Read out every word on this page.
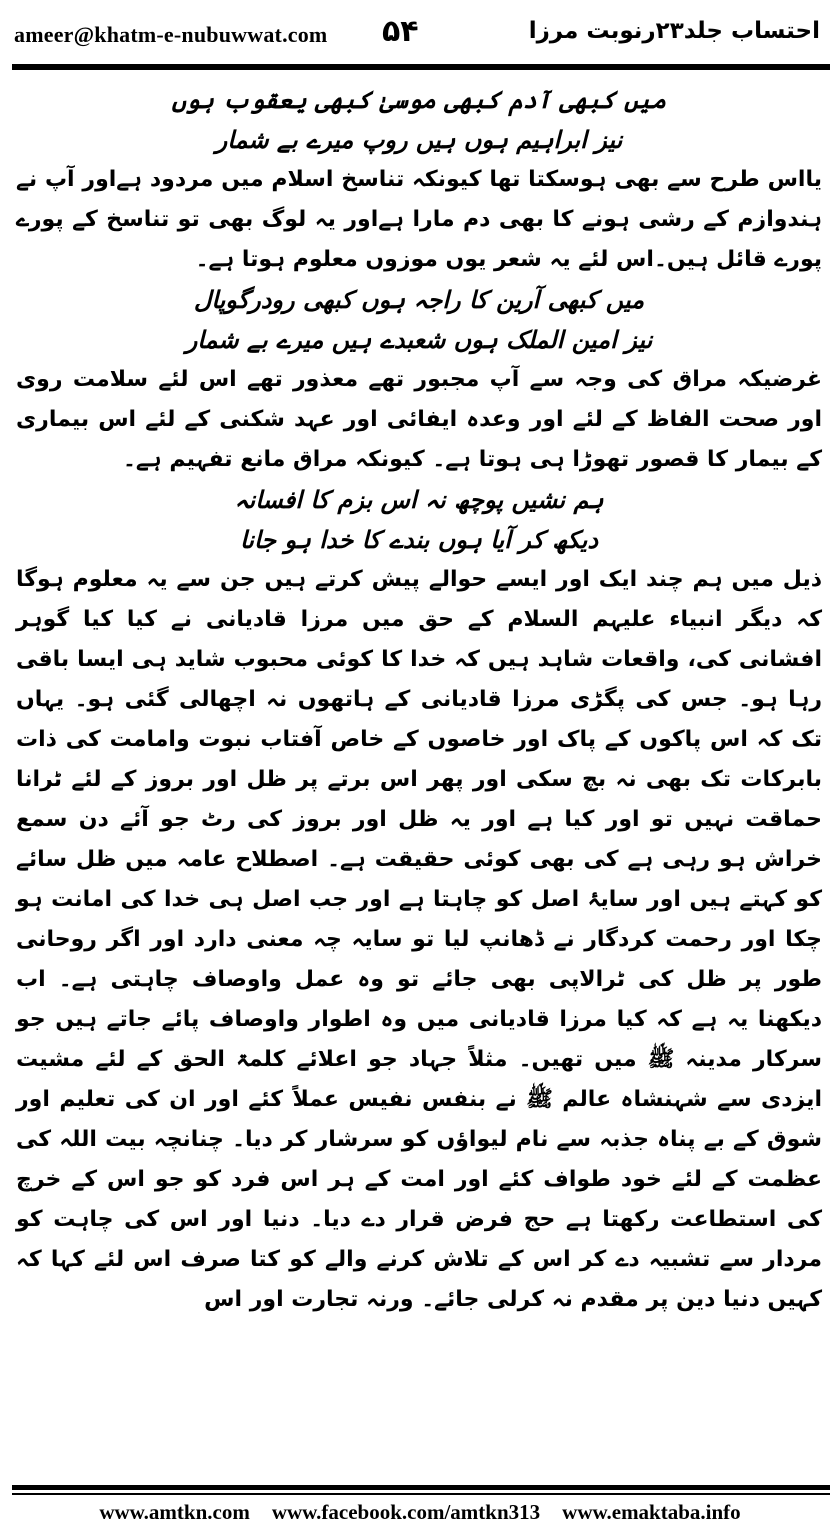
ameer@khatm-e-nubuwwat.com ۵۴	احتساب جلد۲۳رنوبت مرزا
میں کبھی آدم کبھی موسیٰ کبھی یعقوب ہوں
نیز ابراہیم ہوں ہیں روپ میرے بے شمار

یااس طرح سے بھی ہوسکتا تھا کیونکہ تناسخ اسلام میں مردود ہےاور آپ نے ہندوازم کے رشی ہونے کا بھی دم مارا ہےاور یہ لوگ بھی تو تناسخ کے پورے پورے قائل ہیں۔اس لئے یہ شعر یوں موزوں معلوم ہوتا ہے۔

میں کبھی آرین کا راجہ ہوں کبھی رودرگوپال
نیز امین الملک ہوں شعبدے ہیں میرے بے شمار

غرضیکہ مراق کی وجہ سے آپ مجبور تھے معذور تھے اس لئے سلامت روی اور صحت الفاظ کے لئے اور وعدہ ایفائی اور عہد شکنی کے لئے اس بیماری کے بیمار کا قصور تھوڑا ہی ہوتا ہے۔ کیونکہ مراق مانع تفہیم ہے۔

ہم نشیں پوچھ نہ اس بزم کا افسانہ
دیکھ کر آیا ہوں بندے کا خدا ہو جانا

ذیل میں ہم چند ایک اور ایسے حوالے پیش کرتے ہیں جن سے یہ معلوم ہوگا کہ دیگر انبیاء علیہم السلام کے حق میں مرزا قادیانی نے کیا کیا گوہر افشانی کی، واقعات شاہد ہیں کہ خدا کا کوئی محبوب شاید ہی ایسا باقی رہا ہو۔ جس کی پگڑی مرزا قادیانی کے ہاتھوں نہ اچھالی گئی ہو۔ یہاں تک کہ اس پاکوں کے پاک اور خاصوں کے خاص آفتاب نبوت وامامت کی ذات بابرکات تک بھی نہ بچ سکی اور پھر اس برتے پر ظل اور بروز کے لئے ٹرانا حماقت نہیں تو اور کیا ہے اور یہ ظل اور بروز کی رٹ جو آئے دن سمع خراش ہو رہی ہے کی بھی کوئی حقیقت ہے۔ اصطلاح عامہ میں ظل سائے کو کہتے ہیں اور سایۂ اصل کو چاہتا ہے اور جب اصل ہی خدا کی امانت ہو چکا اور رحمت کردگار نے ڈھانپ لیا تو سایہ چہ معنی دارد اور اگر روحانی طور پر ظل کی ٹرالاپی بھی جائے تو وہ عمل واوصاف چاہتی ہے۔ اب دیکھنا یہ ہے کہ کیا مرزا قادیانی میں وہ اطوار واوصاف پائے جاتے ہیں جو سرکار مدینہ ﷺ میں تھیں۔ مثلاً جہاد جو اعلائے کلمۃ الحق کے لئے مشیت ایزدی سے شہنشاہ عالم ﷺ نے بنفس نفیس عملاً کئے اور ان کی تعلیم اور شوق کے بے پناہ جذبہ سے نام لیواؤں کو سرشار کر دیا۔ چنانچہ بیت اللہ کی عظمت کے لئے خود طواف کئے اور امت کے ہر اس فرد کو جو اس کے خرچ کی استطاعت رکھتا ہے حج فرض قرار دے دیا۔ دنیا اور اس کی چاہت کو مردار سے تشبیہ دے کر اس کے تلاش کرنے والے کو کتا صرف اس لئے کہا کہ کہیں دنیا دین پر مقدم نہ کرلی جائے۔ ورنہ تجارت اور اس

www.amtkn.com www.facebook.com/amtkn313 www.emaktaba.info
